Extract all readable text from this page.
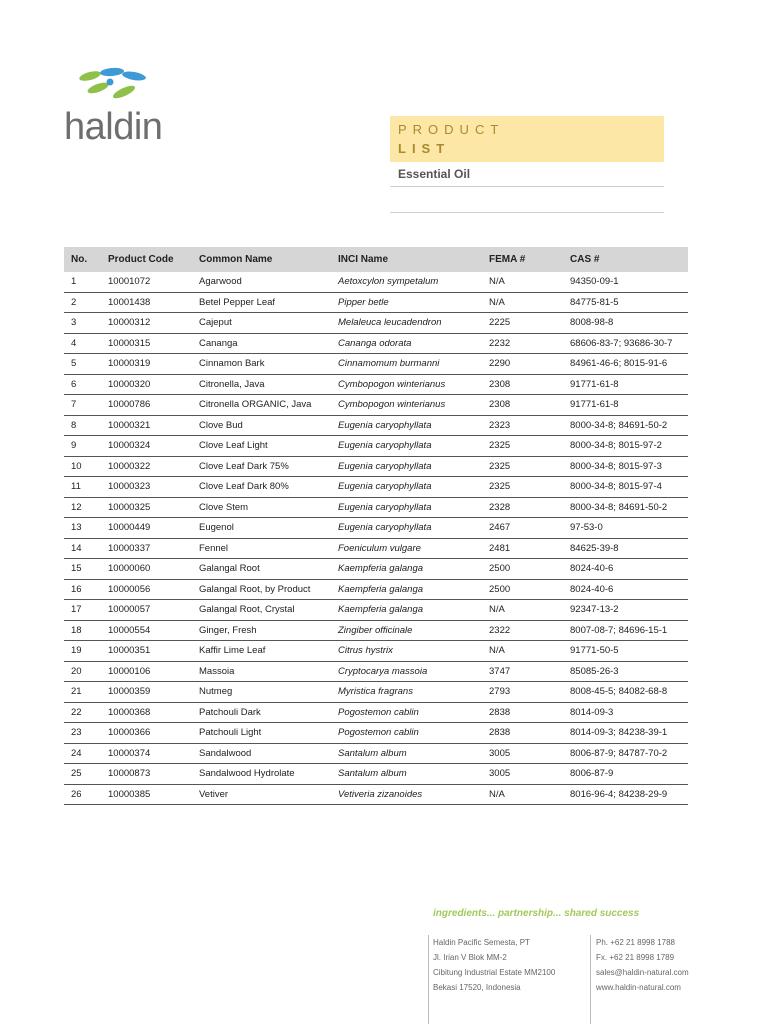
haldin	PRODUCT
LIST
Essential Oil
No.	Product Code	Common Name	INCI Name	FEMA #	CAS #
1	10001072	Agarwood	Aetoxcylon sympetalum	N/A	94350-09-1
2	10001438	Betel Pepper Leaf	Pipper betle	N/A	84775-81-5
3	10000312	Cajeput	Melaleuca leucadendron	2225	8008-98-8
4	10000315	Cananga	Cananga odorata	2232	68606-83-7; 93686-30-7
5	10000319	Cinnamon Bark	Cinnamomum burmanni	2290	84961-46-6; 8015-91-6
6	10000320	Citronella, Java	Cymbopogon winterianus	2308	91771-61-8
7	10000786	Citronella ORGANIC, Java	Cymbopogon winterianus	2308	91771-61-8
8	10000321	Clove Bud	Eugenia caryophyllata	2323	8000-34-8; 84691-50-2
9	10000324	Clove Leaf Light	Eugenia caryophyllata	2325	8000-34-8; 8015-97-2
10	10000322	Clove Leaf Dark 75%	Eugenia caryophyllata	2325	8000-34-8; 8015-97-3
11	10000323	Clove Leaf Dark 80%	Eugenia caryophyllata	2325	8000-34-8; 8015-97-4
12	10000325	Clove Stem	Eugenia caryophyllata	2328	8000-34-8; 84691-50-2
13	10000449	Eugenol	Eugenia caryophyllata	2467	97-53-0
14	10000337	Fennel	Foeniculum vulgare	2481	84625-39-8
15	10000060	Galangal Root	Kaempferia galanga	2500	8024-40-6
16	10000056	Galangal Root, by Product	Kaempferia galanga	2500	8024-40-6
17	10000057	Galangal Root, Crystal	Kaempferia galanga	N/A	92347-13-2
18	10000554	Ginger, Fresh	Zingiber officinale	2322	8007-08-7; 84696-15-1
19	10000351	Kaffir Lime Leaf	Citrus hystrix	N/A	91771-50-5
20	10000106	Massoia	Cryptocarya massoia	3747	85085-26-3
21	10000359	Nutmeg	Myristica fragrans	2793	8008-45-5; 84082-68-8
22	10000368	Patchouli Dark	Pogostemon cablin	2838	8014-09-3
23	10000366	Patchouli Light	Pogostemon cablin	2838	8014-09-3; 84238-39-1
24	10000374	Sandalwood	Santalum album	3005	8006-87-9; 84787-70-2
25	10000873	Sandalwood Hydrolate	Santalum album	3005	8006-87-9
26	10000385	Vetiver	Vetiveria zizanoides	N/A	8016-96-4; 84238-29-9
ingredients... partnership... shared success
Haldin Pacific Semesta, PT
Jl. Irian V Blok MM-2
Cibitung Industrial Estate MM2100
Bekasi 17520, Indonesia
Ph. +62 21 8998 1788
Fx. +62 21 8998 1789
sales@haldin-natural.com
www.haldin-natural.com
